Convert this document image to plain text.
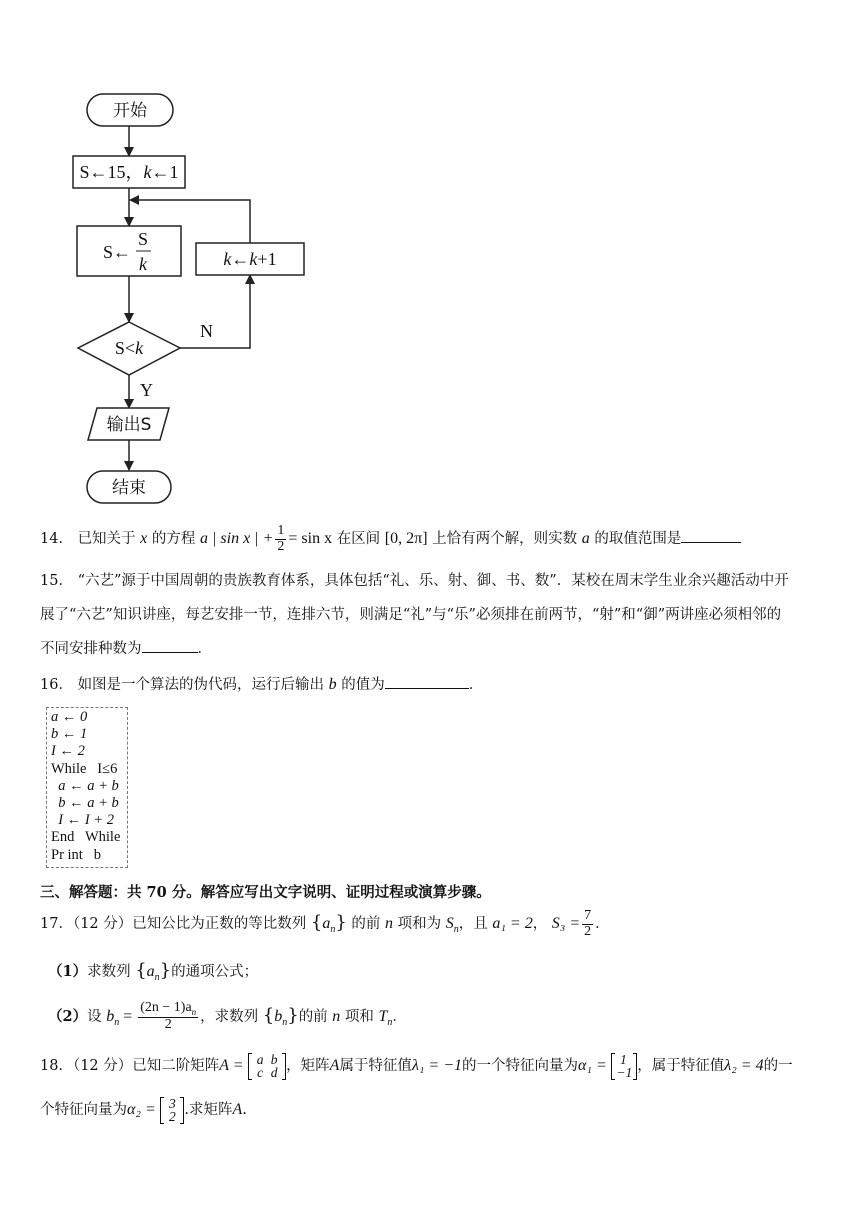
开始
S←15，k←1
S←
S
k
S<k
N
k←k+1
Y
输出S
结束
14． 已知关于 x 的方程 a | sin x | + $\frac{1}{2} = \sin x$ 在区间 [0, 2π] 上恰有两个解，则实数 a 的取值范围是
15． “六艺”源于中国周朝的贵族教育体系，具体包括“礼、乐、射、御、书、数”．某校在周末学生业余兴趣活动中开
展了“六艺”知识讲座，每艺安排一节，连排六节，则满足“礼”与“乐”必须排在前两节，“射”和“御”两讲座必须相邻的
不同安排种数为	．
16． 如图是一个算法的伪代码，运行后输出 b 的值为	．
a ← 0
b ← 1
I ← 2
While   I≤6
a ← a + b
b ← a + b
I ← I + 2
End   While
Pr int   b
三、解答题：共 70 分。解答应写出文字说明、证明过程或演算步骤。
17．（12 分）已知公比为正数的等比数列 $\{a_n\}$ 的前 n 项和为 $S_n$，且 a₁ = 2， $S_3 = \frac{7}{2}$ ．
（1）求数列 $\{a_n\}$的通项公式；
（2）设 $b_n = \frac{(2n - 1)a_n}{2}$ ，求数列 $\{b_n\}$的前 n 项和 $T_n$．
18．（12 分）已知二阶矩阵A = a b
c d ，矩阵A属于特征值λ₁ = −1的一个特征向量为α₁ = 1
−1 ，属于特征值λ₂ = 4的一
个特征向量为α₂ = 3
2 .求矩阵A.
